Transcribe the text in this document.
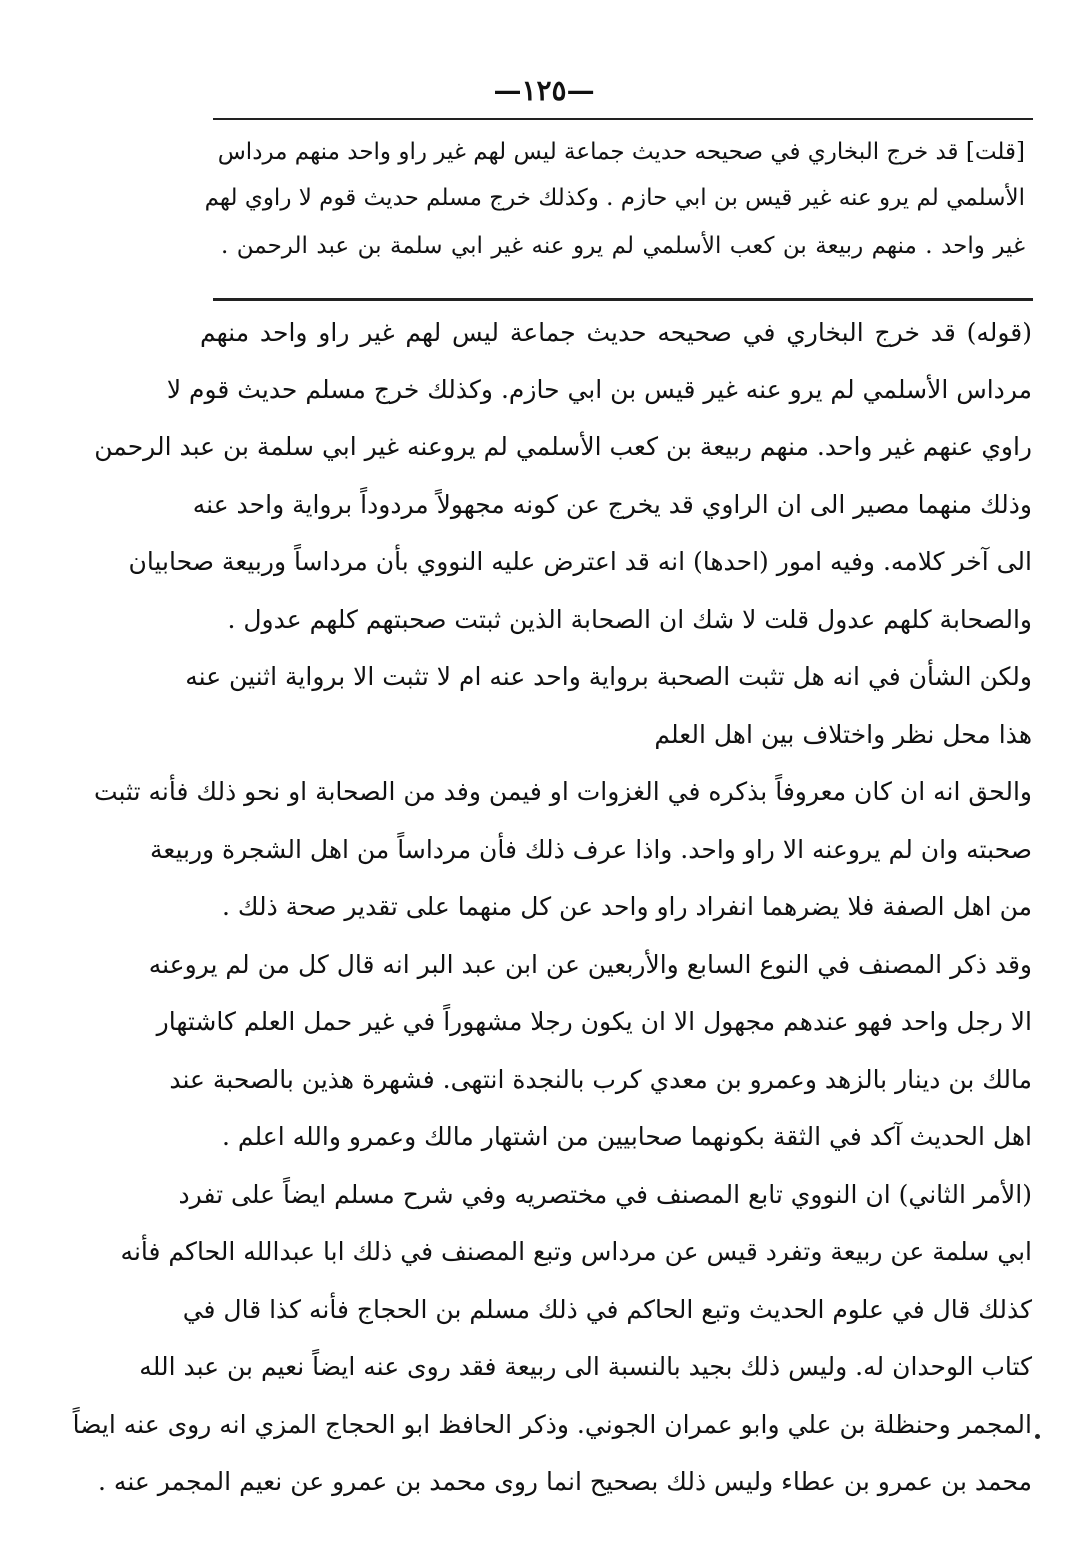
—١٢٥—
[قلت] قد خرج البخاري في صحيحه حديث جماعة ليس لهم غير راو واحد منهم مرداس
الأسلمي لم يرو عنه غير قيس بن ابي حازم . وكذلك خرج مسلم حديث قوم لا راوي لهم
غير واحد . منهم ربيعة بن كعب الأسلمي لم يرو عنه غير ابي سلمة بن عبد الرحمن .
(قوله) قد خرج البخاري في صحيحه حديث جماعة ليس لهم غير راو واحد منهم
مرداس الأسلمي لم يرو عنه غير قيس بن ابي حازم. وكذلك خرج مسلم حديث قوم لا
راوي عنهم غير واحد. منهم ربيعة بن كعب الأسلمي لم يروعنه غير ابي سلمة بن عبد الرحمن
وذلك منهما مصير الى ان الراوي قد يخرج عن كونه مجهولاً مردوداً برواية واحد عنه
الى آخر كلامه. وفيه امور (احدها) انه قد اعترض عليه النووي بأن مرداساً وربيعة صحابيان
والصحابة كلهم عدول قلت لا شك ان الصحابة الذين ثبتت صحبتهم كلهم عدول .
ولكن الشأن في انه هل تثبت الصحبة برواية واحد عنه ام لا تثبت الا برواية اثنين عنه
هذا محل نظر واختلاف بين اهل العلم
والحق انه ان كان معروفاً بذكره في الغزوات او فيمن وفد من الصحابة او نحو ذلك فأنه تثبت
صحبته وان لم يروعنه الا راو واحد. واذا عرف ذلك فأن مرداساً من اهل الشجرة وربيعة
من اهل الصفة فلا يضرهما انفراد راو واحد عن كل منهما على تقدير صحة ذلك .
وقد ذكر المصنف في النوع السابع والأربعين عن ابن عبد البر انه قال كل من لم يروعنه
الا رجل واحد فهو عندهم مجهول الا ان يكون رجلا مشهوراً في غير حمل العلم كاشتهار
مالك بن دينار بالزهد وعمرو بن معدي كرب بالنجدة انتهى. فشهرة هذين بالصحبة عند
اهل الحديث آكد في الثقة بكونهما صحابيين من اشتهار مالك وعمرو والله اعلم .
(الأمر الثاني) ان النووي تابع المصنف في مختصريه وفي شرح مسلم ايضاً على تفرد
ابي سلمة عن ربيعة وتفرد قيس عن مرداس وتبع المصنف في ذلك ابا عبدالله الحاكم فأنه
كذلك قال في علوم الحديث وتبع الحاكم في ذلك مسلم بن الحجاج فأنه كذا قال في
كتاب الوحدان له. وليس ذلك بجيد بالنسبة الى ربيعة فقد روى عنه ايضاً نعيم بن عبد الله
المجمر وحنظلة بن علي وابو عمران الجوني. وذكر الحافظ ابو الحجاج المزي انه روى عنه ايضاً
محمد بن عمرو بن عطاء وليس ذلك بصحيح انما روى محمد بن عمرو عن نعيم المجمر عنه .
